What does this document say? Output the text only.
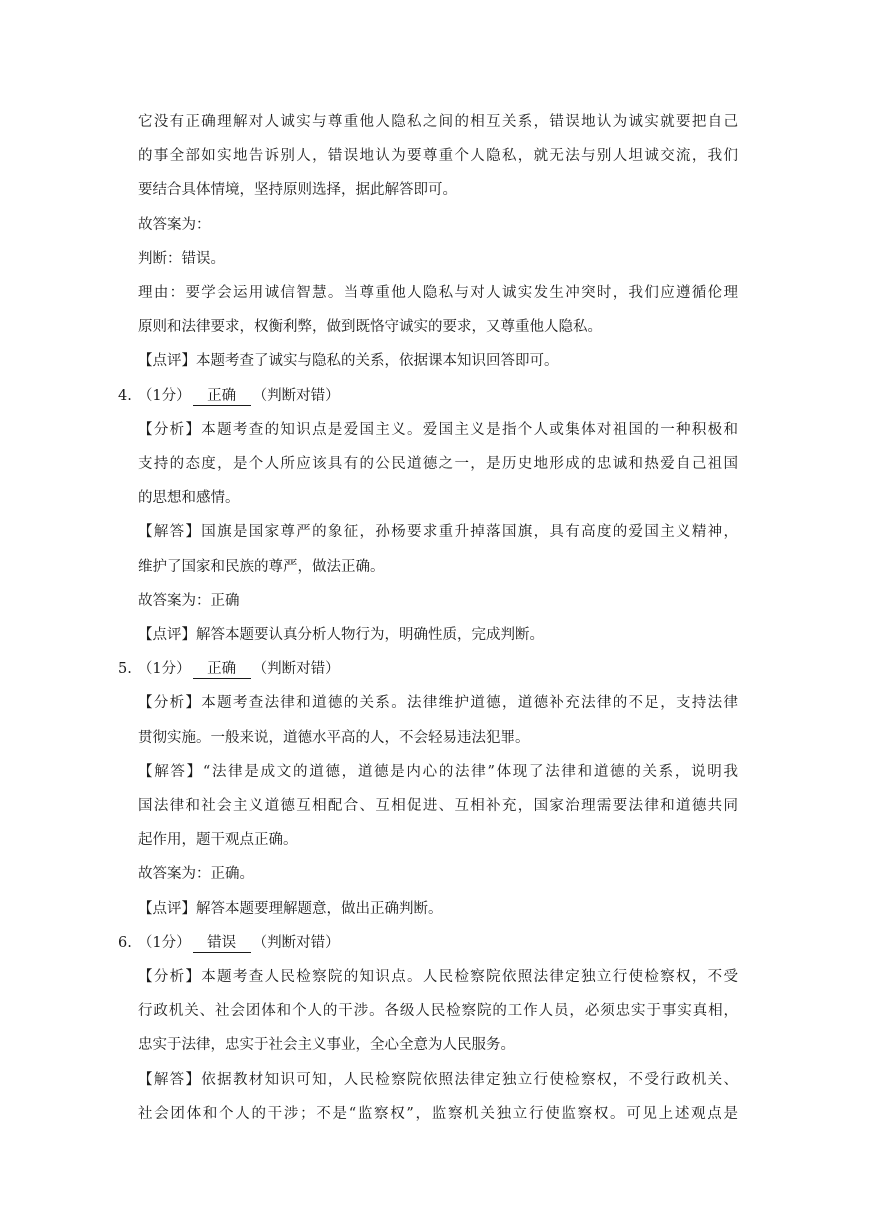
它没有正确理解对人诚实与尊重他人隐私之间的相互关系，错误地认为诚实就要把自己
的事全部如实地告诉别人，错误地认为要尊重个人隐私，就无法与别人坦诚交流，我们
要结合具体情境，坚持原则选择，据此解答即可。
故答案为：
判断：错误。
理由：要学会运用诚信智慧。当尊重他人隐私与对人诚实发生冲突时，我们应遵循伦理
原则和法律要求，权衡利弊，做到既恪守诚实的要求，又尊重他人隐私。
【点评】本题考查了诚实与隐私的关系，依据课本知识回答即可。
4. （1分） 正确 （判断对错）
【分析】本题考查的知识点是爱国主义。爱国主义是指个人或集体对祖国的一种积极和
支持的态度，是个人所应该具有的公民道德之一，是历史地形成的忠诚和热爱自己祖国
的思想和感情。
【解答】国旗是国家尊严的象征，孙杨要求重升掉落国旗，具有高度的爱国主义精神，
维护了国家和民族的尊严，做法正确。
故答案为：正确
【点评】解答本题要认真分析人物行为，明确性质，完成判断。
5. （1分） 正确 （判断对错）
【分析】本题考查法律和道德的关系。法律维护道德，道德补充法律的不足，支持法律
贯彻实施。一般来说，道德水平高的人，不会轻易违法犯罪。
【解答】“法律是成文的道德，道德是内心的法律”体现了法律和道德的关系，说明我
国法律和社会主义道德互相配合、互相促进、互相补充，国家治理需要法律和道德共同
起作用，题干观点正确。
故答案为：正确。
【点评】解答本题要理解题意，做出正确判断。
6. （1分） 错误 （判断对错）
【分析】本题考查人民检察院的知识点。人民检察院依照法律定独立行使检察权，不受
行政机关、社会团体和个人的干涉。各级人民检察院的工作人员，必须忠实于事实真相，
忠实于法律，忠实于社会主义事业，全心全意为人民服务。
【解答】依据教材知识可知，人民检察院依照法律定独立行使检察权，不受行政机关、
社会团体和个人的干涉；不是“监察权”，监察机关独立行使监察权。可见上述观点是
